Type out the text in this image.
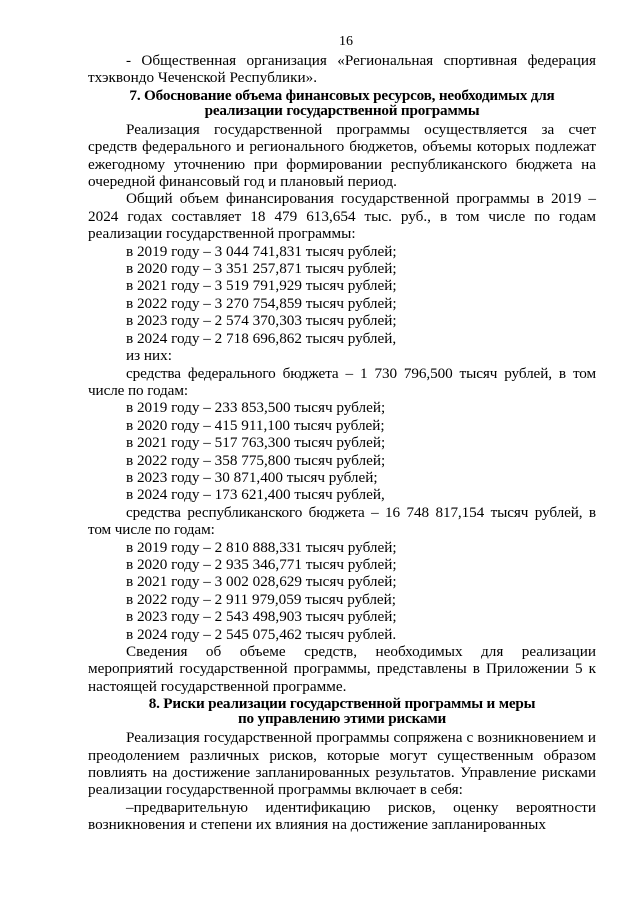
16

- Общественная организация «Региональная спортивная федерация тхэквондо Чеченской Республики».

7. Обоснование объема финансовых ресурсов, необходимых для
реализации государственной программы

Реализация государственной программы осуществляется за счет средств федерального и регионального бюджетов, объемы которых подлежат ежегодному уточнению при формировании республиканского бюджета на очередной финансовый год и плановый период.

Общий объем финансирования государственной программы в 2019 – 2024 годах составляет 18 479 613,654 тыс. руб., в том числе по годам реализации государственной программы:

в 2019 году – 3 044 741,831 тысяч рублей;

в 2020 году – 3 351 257,871 тысяч рублей;

в 2021 году – 3 519 791,929 тысяч рублей;

в 2022 году – 3 270 754,859 тысяч рублей;

в 2023 году – 2 574 370,303 тысяч рублей;

в 2024 году – 2 718 696,862 тысяч рублей,

из них:

средства федерального бюджета – 1 730 796,500 тысяч рублей, в том числе по годам:

в 2019 году – 233 853,500 тысяч рублей;

в 2020 году – 415 911,100 тысяч рублей;

в 2021 году – 517 763,300 тысяч рублей;

в 2022 году – 358 775,800 тысяч рублей;

в 2023 году – 30 871,400 тысяч рублей;

в 2024 году – 173 621,400 тысяч рублей,

средства республиканского бюджета – 16 748 817,154 тысяч рублей, в том числе по годам:

в 2019 году – 2 810 888,331 тысяч рублей;

в 2020 году – 2 935 346,771 тысяч рублей;

в 2021 году – 3 002 028,629 тысяч рублей;

в 2022 году – 2 911 979,059 тысяч рублей;

в 2023 году – 2 543 498,903 тысяч рублей;

в 2024 году – 2 545 075,462 тысяч рублей.

Сведения об объеме средств, необходимых для реализации мероприятий государственной программы, представлены в Приложении 5 к настоящей государственной программе.

8. Риски реализации государственной программы и меры
по управлению этими рисками

Реализация государственной программы сопряжена с возникновением и преодолением различных рисков, которые могут существенным образом повлиять на достижение запланированных результатов. Управление рисками реализации государственной программы включает в себя:

–предварительную идентификацию рисков, оценку вероятности возникновения и степени их влияния на достижение запланированных
